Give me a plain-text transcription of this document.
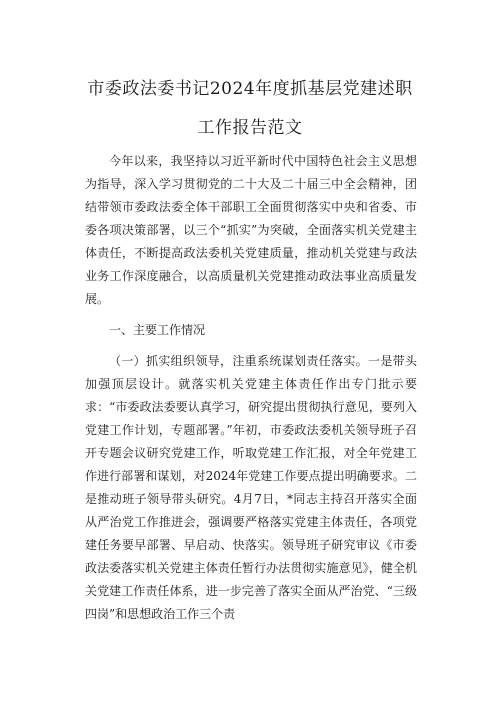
市委政法委书记2024年度抓基层党建述职
工作报告范文

今年以来，我坚持以习近平新时代中国特色社会主义思想为指导，深入学习贯彻党的二十大及二十届三中全会精神，团结带领市委政法委全体干部职工全面贯彻落实中央和省委、市委各项决策部署，以三个“抓实”为突破，全面落实机关党建主体责任，不断提高政法委机关党建质量，推动机关党建与政法业务工作深度融合，以高质量机关党建推动政法事业高质量发展。

一、主要工作情况

（一）抓实组织领导，注重系统谋划责任落实。一是带头加强顶层设计。就落实机关党建主体责任作出专门批示要求：“市委政法委要认真学习，研究提出贯彻执行意见，要列入党建工作计划，专题部署。”年初，市委政法委机关领导班子召开专题会议研究党建工作，听取党建工作汇报，对全年党建工作进行部署和谋划，对2024年党建工作要点提出明确要求。二是推动班子领导带头研究。4月7日，*同志主持召开落实全面从严治党工作推进会，强调要严格落实党建主体责任，各项党建任务要早部署、早启动、快落实。领导班子研究审议《市委政法委落实机关党建主体责任暂行办法贯彻实施意见》，健全机关党建工作责任体系，进一步完善了落实全面从严治党、“三级四岗”和思想政治工作三个责
